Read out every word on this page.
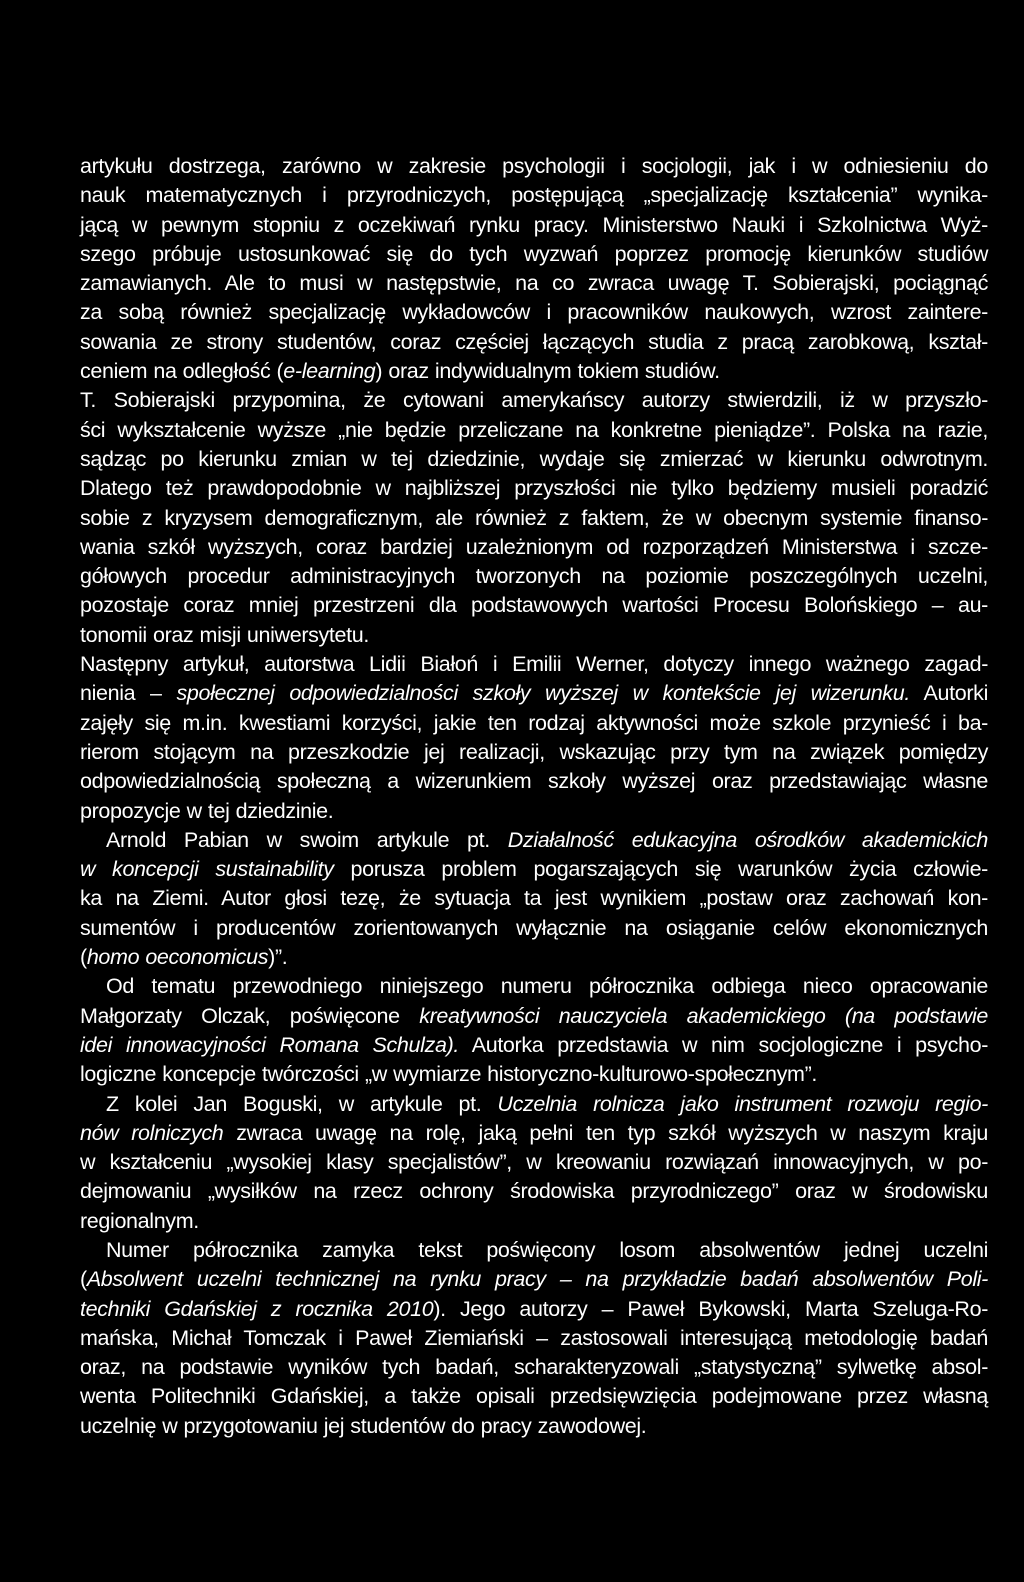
artykułu dostrzega, zarówno w zakresie psychologii i socjologii, jak i w odniesieniu do
nauk matematycznych i przyrodniczych, postępującą „specjalizację kształcenia” wynika-
jącą w pewnym stopniu z oczekiwań rynku pracy. Ministerstwo Nauki i Szkolnictwa Wyż-
szego próbuje ustosunkować się do tych wyzwań poprzez promocję kierunków studiów
zamawianych. Ale to musi w następstwie, na co zwraca uwagę T. Sobierajski, pociągnąć
za sobą również specjalizację wykładowców i pracowników naukowych, wzrost zaintere-
sowania ze strony studentów, coraz częściej łączących studia z pracą zarobkową, kształ-
ceniem na odległość (e-learning) oraz indywidualnym tokiem studiów.
T. Sobierajski przypomina, że cytowani amerykańscy autorzy stwierdzili, iż w przyszło-
ści wykształcenie wyższe „nie będzie przeliczane na konkretne pieniądze”. Polska na razie,
sądząc po kierunku zmian w tej dziedzinie, wydaje się zmierzać w kierunku odwrotnym.
Dlatego też prawdopodobnie w najbliższej przyszłości nie tylko będziemy musieli poradzić
sobie z kryzysem demograficznym, ale również z faktem, że w obecnym systemie finanso-
wania szkół wyższych, coraz bardziej uzależnionym od rozporządzeń Ministerstwa i szcze-
gółowych procedur administracyjnych tworzonych na poziomie poszczególnych uczelni,
pozostaje coraz mniej przestrzeni dla podstawowych wartości Procesu Bolońskiego – au-
tonomii oraz misji uniwersytetu.
Następny artykuł, autorstwa Lidii Białoń i Emilii Werner, dotyczy innego ważnego zagad-
nienia – społecznej odpowiedzialności szkoły wyższej w kontekście jej wizerunku. Autorki
zajęły się m.in. kwestiami korzyści, jakie ten rodzaj aktywności może szkole przynieść i ba-
rierom stojącym na przeszkodzie jej realizacji, wskazując przy tym na związek pomiędzy
odpowiedzialnością społeczną a wizerunkiem szkoły wyższej oraz przedstawiając własne
propozycje w tej dziedzinie.
Arnold Pabian w swoim artykule pt. Działalność edukacyjna ośrodków akademickich
w koncepcji sustainability porusza problem pogarszających się warunków życia człowie-
ka na Ziemi. Autor głosi tezę, że sytuacja ta jest wynikiem „postaw oraz zachowań kon-
sumentów i producentów zorientowanych wyłącznie na osiąganie celów ekonomicznych
(homo oeconomicus)”.
Od tematu przewodniego niniejszego numeru półrocznika odbiega nieco opracowanie
Małgorzaty Olczak, poświęcone kreatywności nauczyciela akademickiego (na podstawie
idei innowacyjności Romana Schulza). Autorka przedstawia w nim socjologiczne i psycho-
logiczne koncepcje twórczości „w wymiarze historyczno-kulturowo-społecznym”.
Z kolei Jan Boguski, w artykule pt. Uczelnia rolnicza jako instrument rozwoju regio-
nów rolniczych zwraca uwagę na rolę, jaką pełni ten typ szkół wyższych w naszym kraju
w kształceniu „wysokiej klasy specjalistów”, w kreowaniu rozwiązań innowacyjnych, w po-
dejmowaniu „wysiłków na rzecz ochrony środowiska przyrodniczego” oraz w środowisku
regionalnym.
Numer półrocznika zamyka tekst poświęcony losom absolwentów jednej uczelni
(Absolwent uczelni technicznej na rynku pracy – na przykładzie badań absolwentów Poli-
techniki Gdańskiej z rocznika 2010). Jego autorzy – Paweł Bykowski, Marta Szeluga-Ro-
mańska, Michał Tomczak i Paweł Ziemiański – zastosowali interesującą metodologię badań
oraz, na podstawie wyników tych badań, scharakteryzowali „statystyczną” sylwetkę absol-
wenta Politechniki Gdańskiej, a także opisali przedsięwzięcia podejmowane przez własną
uczelnię w przygotowaniu jej studentów do pracy zawodowej.
